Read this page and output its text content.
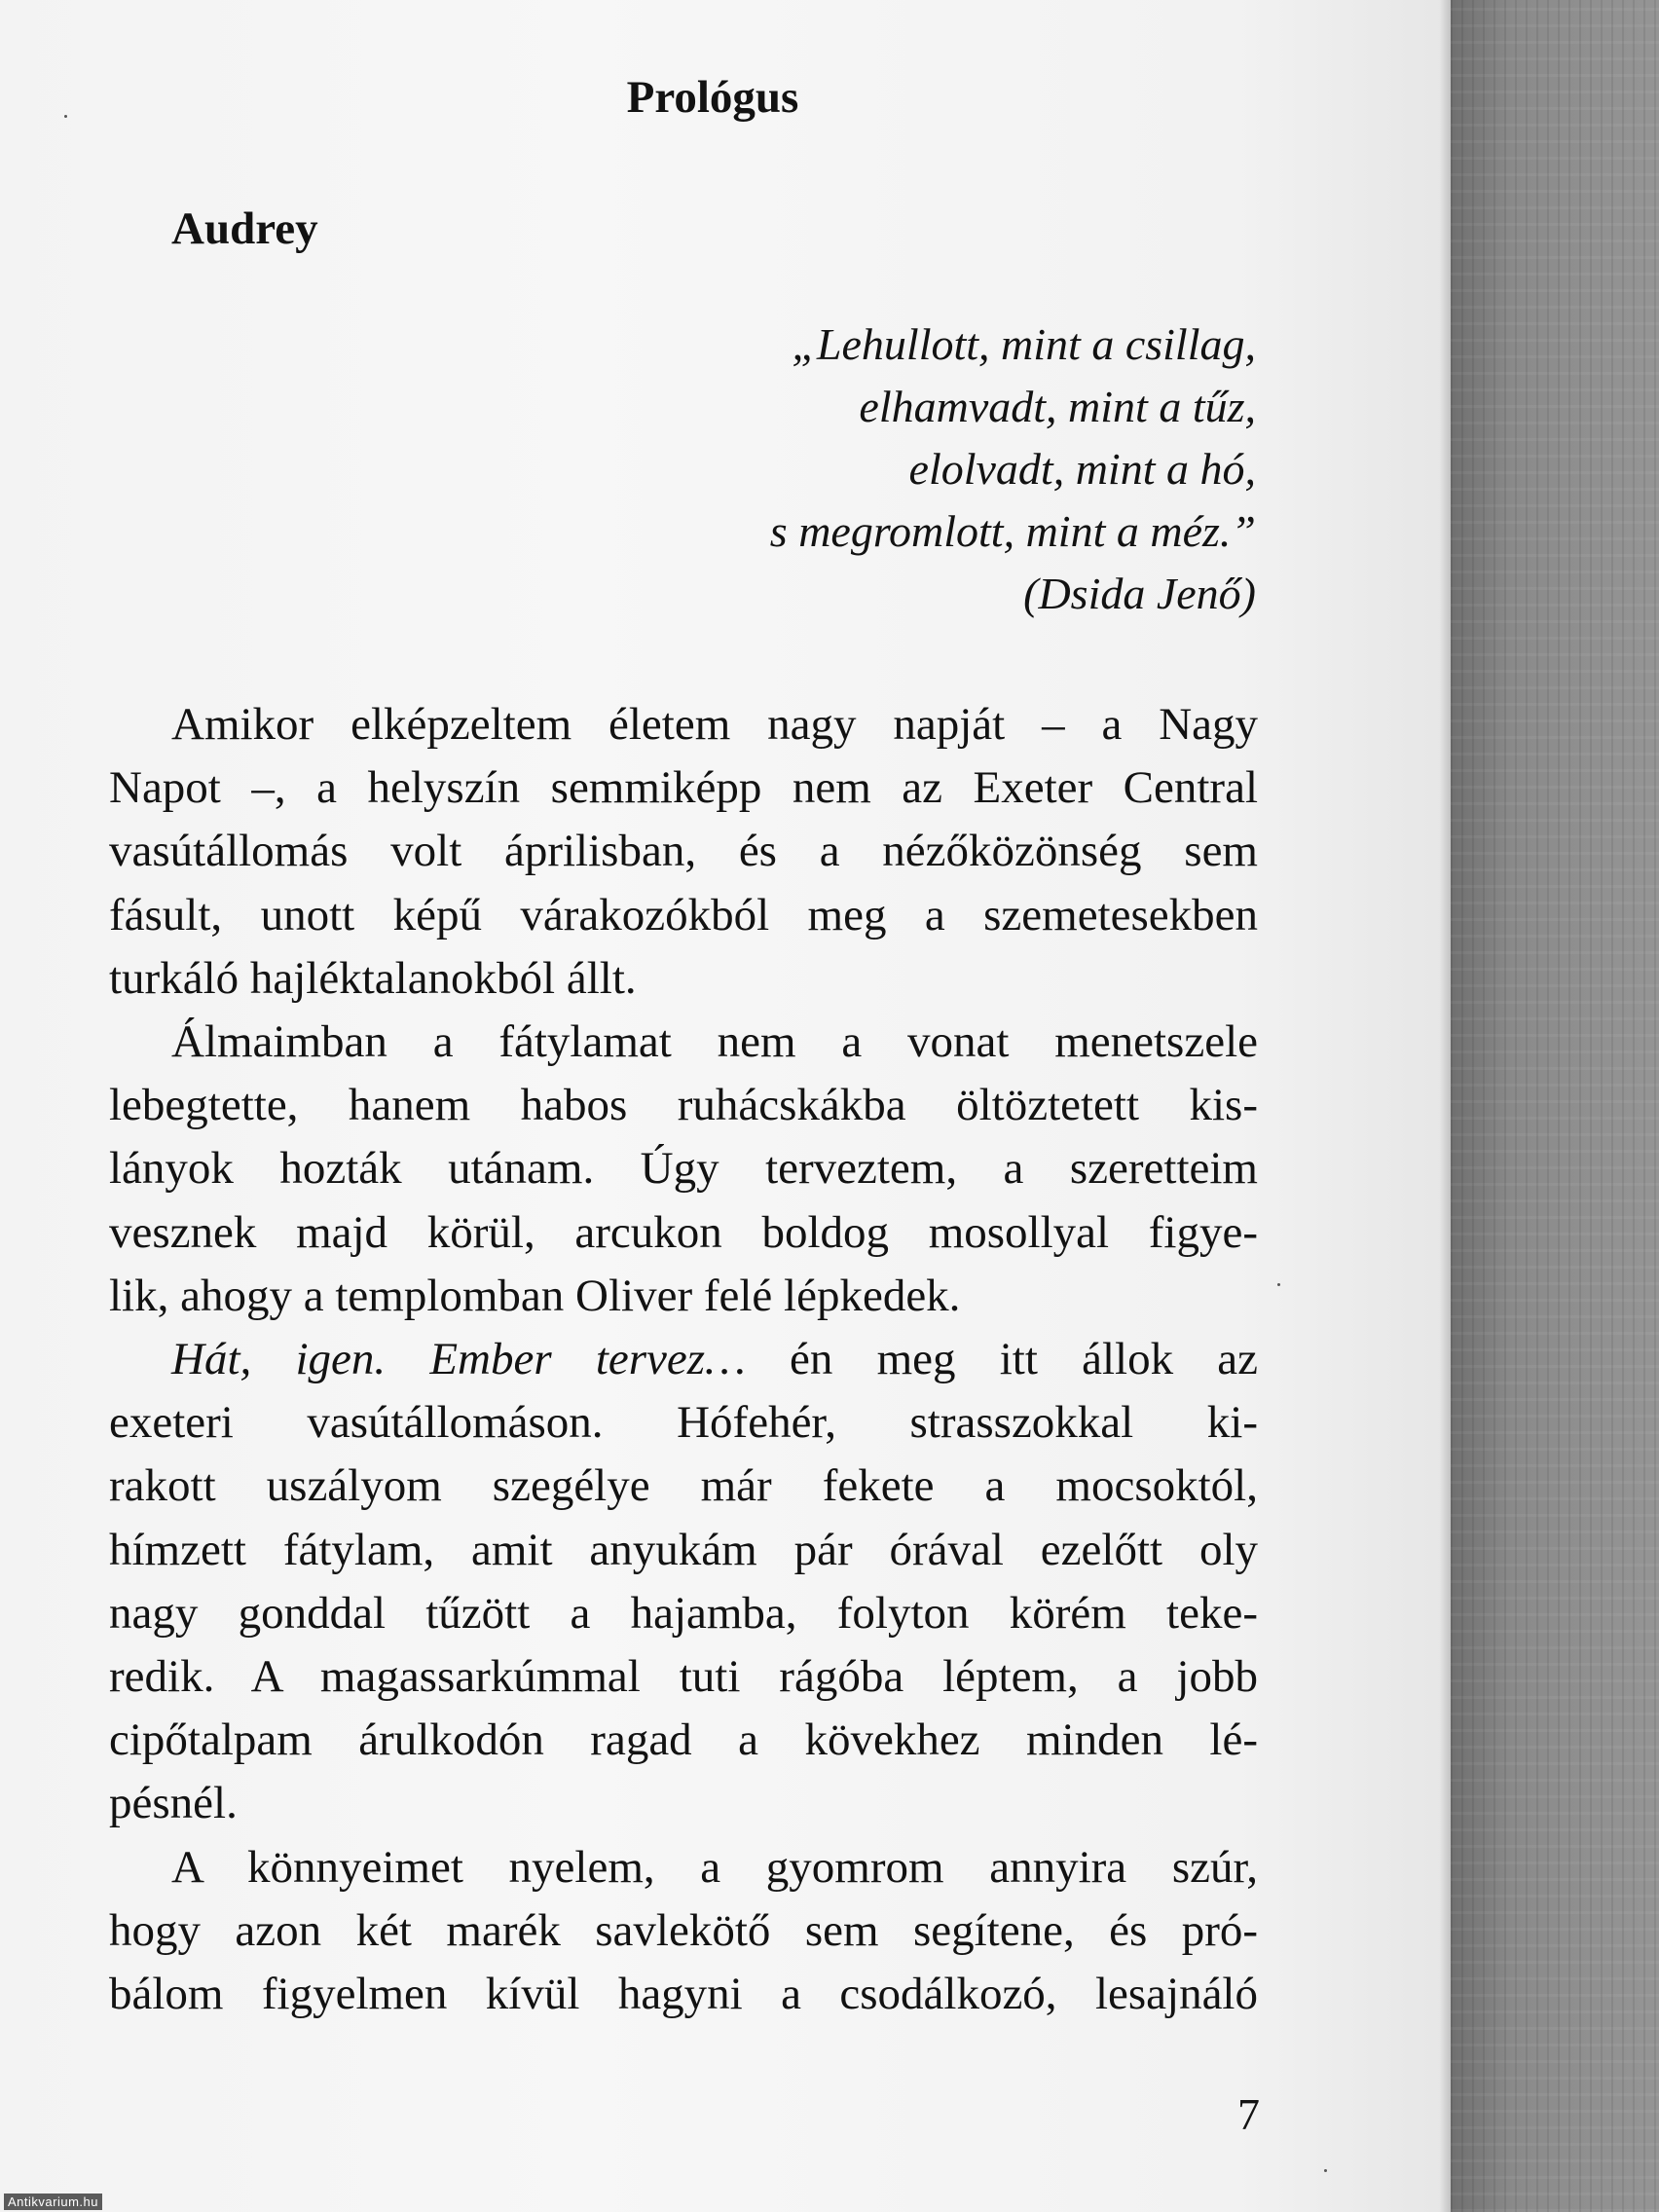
Prológus
Audrey
„Lehullott, mint a csillag,
elhamvadt, mint a tűz,
elolvadt, mint a hó,
s megromlott, mint a méz.”
(Dsida Jenő)

Amikor elképzeltem életem nagy napját – a Nagy
Napot –, a helyszín semmiképp nem az Exeter Central
vasútállomás volt áprilisban, és a nézőközönség sem
fásult, unott képű várakozókból meg a szemetesekben
turkáló hajléktalanokból állt.

Álmaimban a fátylamat nem a vonat menetszele
lebegtette, hanem habos ruhácskákba öltöztetett kis-
lányok hozták utánam. Úgy terveztem, a szeretteim
vesznek majd körül, arcukon boldog mosollyal figye-
lik, ahogy a templomban Oliver felé lépkedek.

Hát, igen. Ember tervez… én meg itt állok az
exeteri vasútállomáson. Hófehér, strasszokkal ki-
rakott uszályom szegélye már fekete a mocsoktól,
hímzett fátylam, amit anyukám pár órával ezelőtt oly
nagy gonddal tűzött a hajamba, folyton körém teke-
redik. A magassarkúmmal tuti rágóba léptem, a jobb
cipőtalpam árulkodón ragad a kövekhez minden lé-
pésnél.

A könnyeimet nyelem, a gyomrom annyira szúr,
hogy azon két marék savlekötő sem segítene, és pró-
bálom figyelmen kívül hagyni a csodálkozó, lesajnáló

7
Antikvarium.hu
